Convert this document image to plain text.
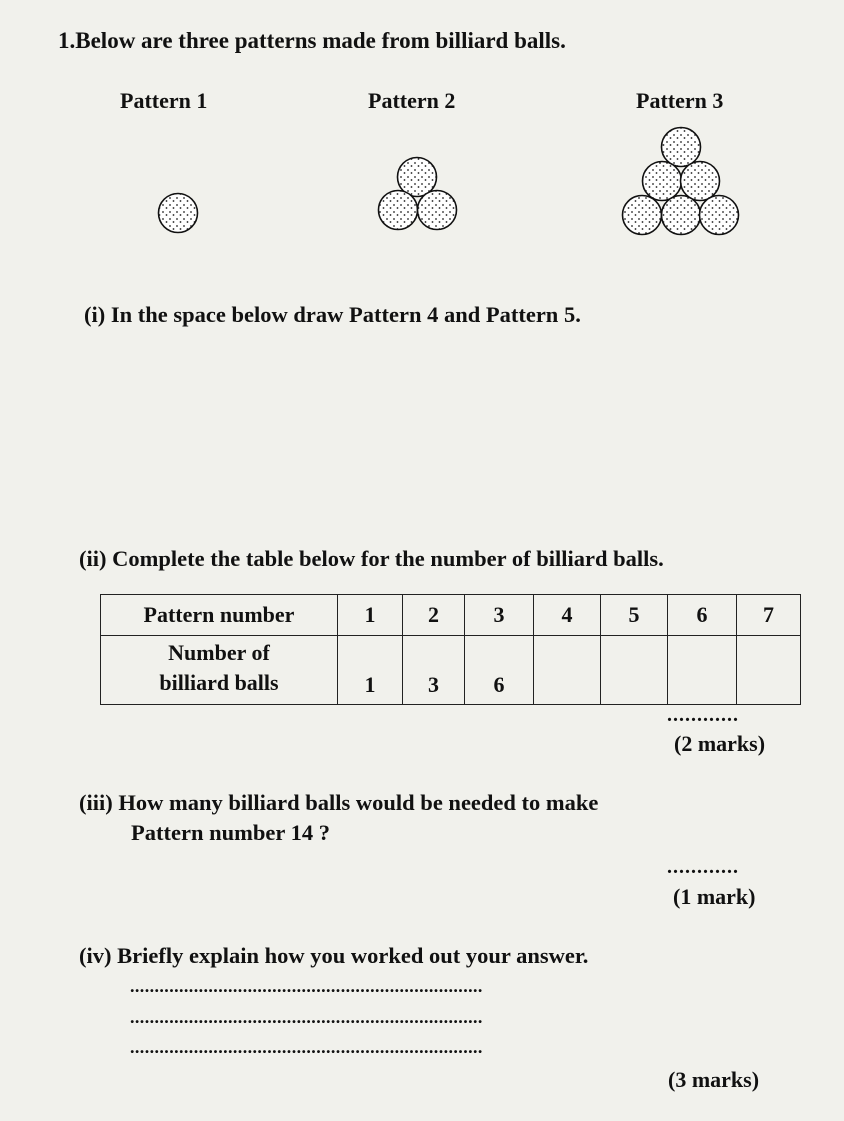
1.Below are three patterns made from billiard balls.
Pattern 1	Pattern 2	Pattern 3
(i) In the space below draw Pattern 4 and Pattern 5.
(ii) Complete the table below for the number of billiard balls.
Pattern number	1	2	3	4	5	6	7

Number of
billiard balls	1	3	6				
............
(2 marks)
(iii) How many billiard balls would be needed to make
Pattern number 14 ?
............
(1 mark)
(iv) Briefly explain how you worked out your answer.
........................................................................
........................................................................
........................................................................
(3 marks)
